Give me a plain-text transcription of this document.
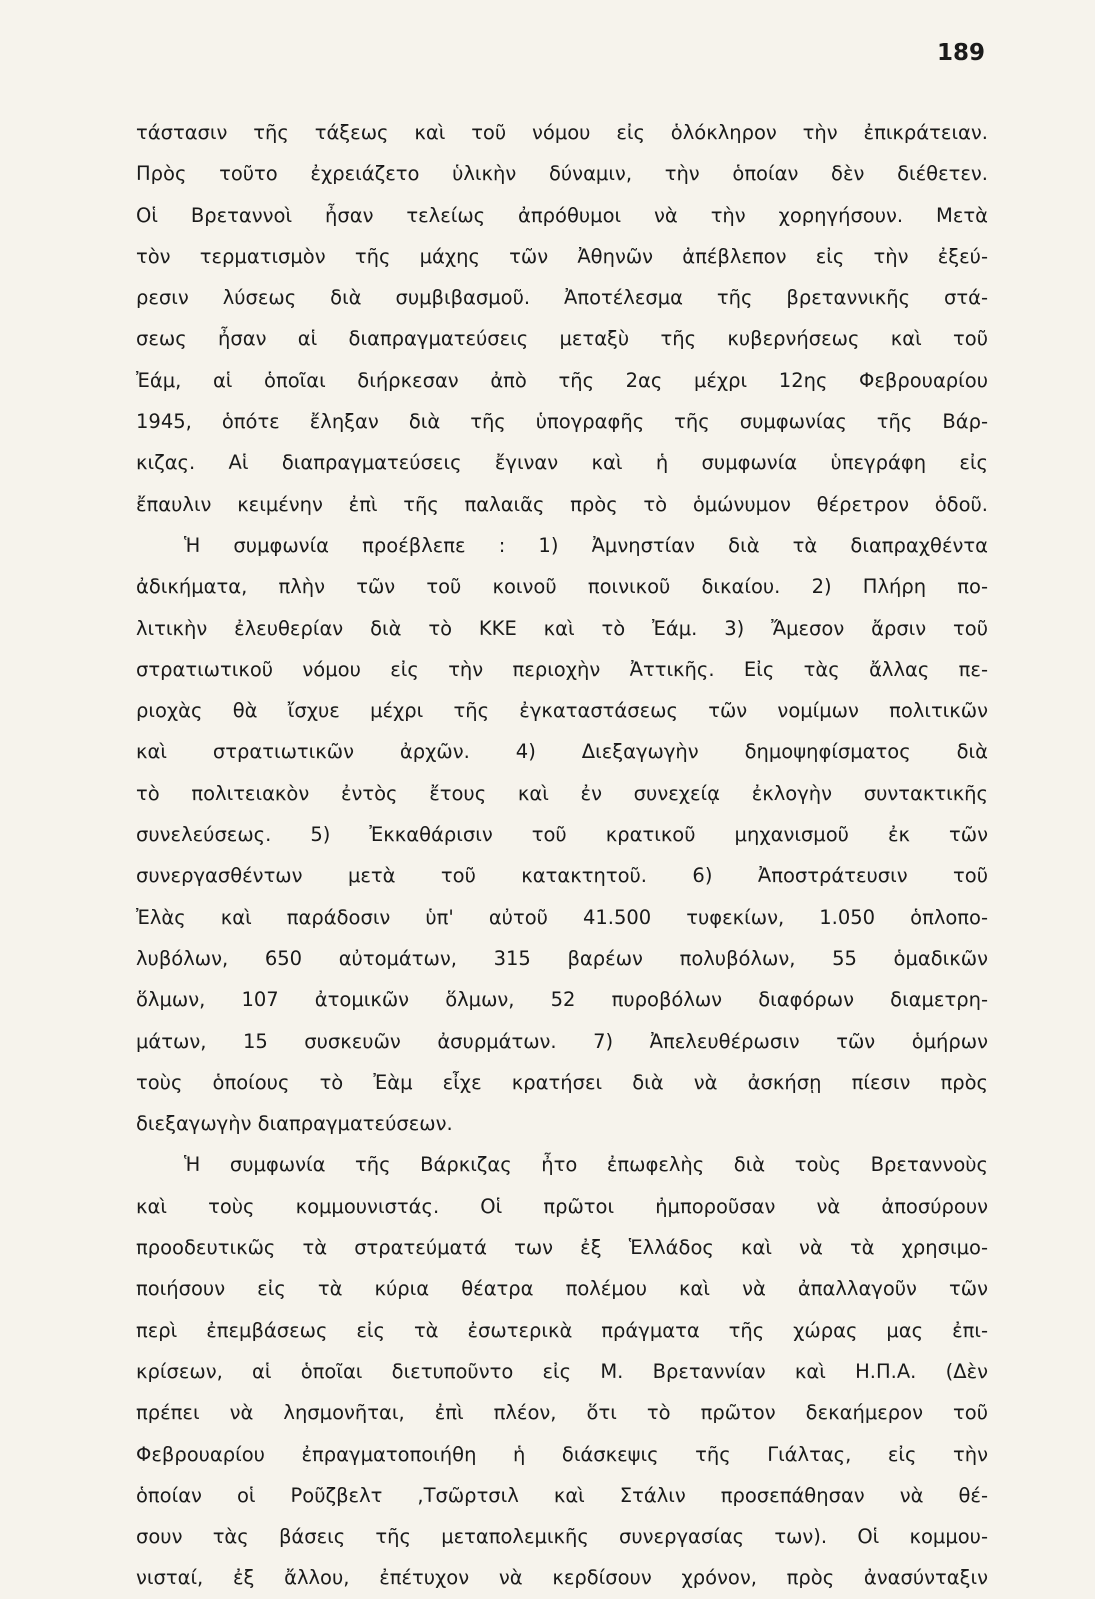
189
τάστασιν τῆς τάξεως καὶ τοῦ νόμου εἰς ὁλόκληρον τὴν ἐπικράτειαν.
Πρὸς τοῦτο ἐχρειάζετο ὑλικὴν δύναμιν, τὴν ὁποίαν δὲν διέθετεν.
Οἱ Βρεταννοὶ ἦσαν τελείως ἀπρόθυμοι νὰ τὴν χορηγήσουν. Μετὰ
τὸν τερματισμὸν τῆς μάχης τῶν Ἀθηνῶν ἀπέβλεπον εἰς τὴν ἐξεύ-
ρεσιν λύσεως διὰ συμβιβασμοῦ. Ἀποτέλεσμα τῆς βρεταννικῆς στά-
σεως ἦσαν αἱ διαπραγματεύσεις μεταξὺ τῆς κυβερνήσεως καὶ τοῦ
Ἐάμ, αἱ ὁποῖαι διήρκεσαν ἀπὸ τῆς 2ας μέχρι 12ης Φεβρουαρίου
1945, ὁπότε ἔληξαν διὰ τῆς ὑπογραφῆς τῆς συμφωνίας τῆς Βάρ-
κιζας. Αἱ διαπραγματεύσεις ἔγιναν καὶ ἡ συμφωνία ὑπεγράφη εἰς
ἔπαυλιν κειμένην ἐπὶ τῆς παλαιᾶς πρὸς τὸ ὁμώνυμον θέρετρον ὁδοῦ.
Ἡ συμφωνία προέβλεπε : 1) Ἀμνηστίαν διὰ τὰ διαπραχθέντα
ἀδικήματα, πλὴν τῶν τοῦ κοινοῦ ποινικοῦ δικαίου. 2) Πλήρη πο-
λιτικὴν ἐλευθερίαν διὰ τὸ ΚΚΕ καὶ τὸ Ἐάμ. 3) Ἄμεσον ἄρσιν τοῦ
στρατιωτικοῦ νόμου εἰς τὴν περιοχὴν Ἀττικῆς. Εἰς τὰς ἄλλας πε-
ριοχὰς θὰ ἴσχυε μέχρι τῆς ἐγκαταστάσεως τῶν νομίμων πολιτικῶν
καὶ στρατιωτικῶν ἀρχῶν. 4) Διεξαγωγὴν δημοψηφίσματος διὰ
τὸ πολιτειακὸν ἐντὸς ἔτους καὶ ἐν συνεχείᾳ ἐκλογὴν συντακτικῆς
συνελεύσεως. 5) Ἐκκαθάρισιν τοῦ κρατικοῦ μηχανισμοῦ ἐκ τῶν
συνεργασθέντων μετὰ τοῦ κατακτητοῦ. 6) Ἀποστράτευσιν τοῦ
Ἐλὰς καὶ παράδοσιν ὑπ' αὐτοῦ 41.500 τυφεκίων, 1.050 ὁπλοπο-
λυβόλων, 650 αὐτομάτων, 315 βαρέων πολυβόλων, 55 ὁμαδικῶν
ὅλμων, 107 ἀτομικῶν ὅλμων, 52 πυροβόλων διαφόρων διαμετρη-
μάτων, 15 συσκευῶν ἀσυρμάτων. 7) Ἀπελευθέρωσιν τῶν ὁμήρων
τοὺς ὁποίους τὸ Ἐὰμ εἶχε κρατήσει διὰ νὰ ἀσκήσῃ πίεσιν πρὸς
διεξαγωγὴν διαπραγματεύσεων.
Ἡ συμφωνία τῆς Βάρκιζας ἦτο ἐπωφελὴς διὰ τοὺς Βρεταννοὺς
καὶ τοὺς κομμουνιστάς. Οἱ πρῶτοι ἠμποροῦσαν νὰ ἀποσύρουν
προοδευτικῶς τὰ στρατεύματά των ἐξ Ἑλλάδος καὶ νὰ τὰ χρησιμο-
ποιήσουν εἰς τὰ κύρια θέατρα πολέμου καὶ νὰ ἀπαλλαγοῦν τῶν
περὶ ἐπεμβάσεως εἰς τὰ ἐσωτερικὰ πράγματα τῆς χώρας μας ἐπι-
κρίσεων, αἱ ὁποῖαι διετυποῦντο εἰς Μ. Βρεταννίαν καὶ Η.Π.Α. (Δὲν
πρέπει νὰ λησμονῆται, ἐπὶ πλέον, ὅτι τὸ πρῶτον δεκαήμερον τοῦ
Φεβρουαρίου ἐπραγματοποιήθη ἡ διάσκεψις τῆς Γιάλτας, εἰς τὴν
ὁποίαν οἱ Ροῦζβελτ ,Τσῶρτσιλ καὶ Στάλιν προσεπάθησαν νὰ θέ-
σουν τὰς βάσεις τῆς μεταπολεμικῆς συνεργασίας των). Οἱ κομμου-
νισταί, ἐξ ἄλλου, ἐπέτυχον νὰ κερδίσουν χρόνον, πρὸς ἀνασύνταξιν
